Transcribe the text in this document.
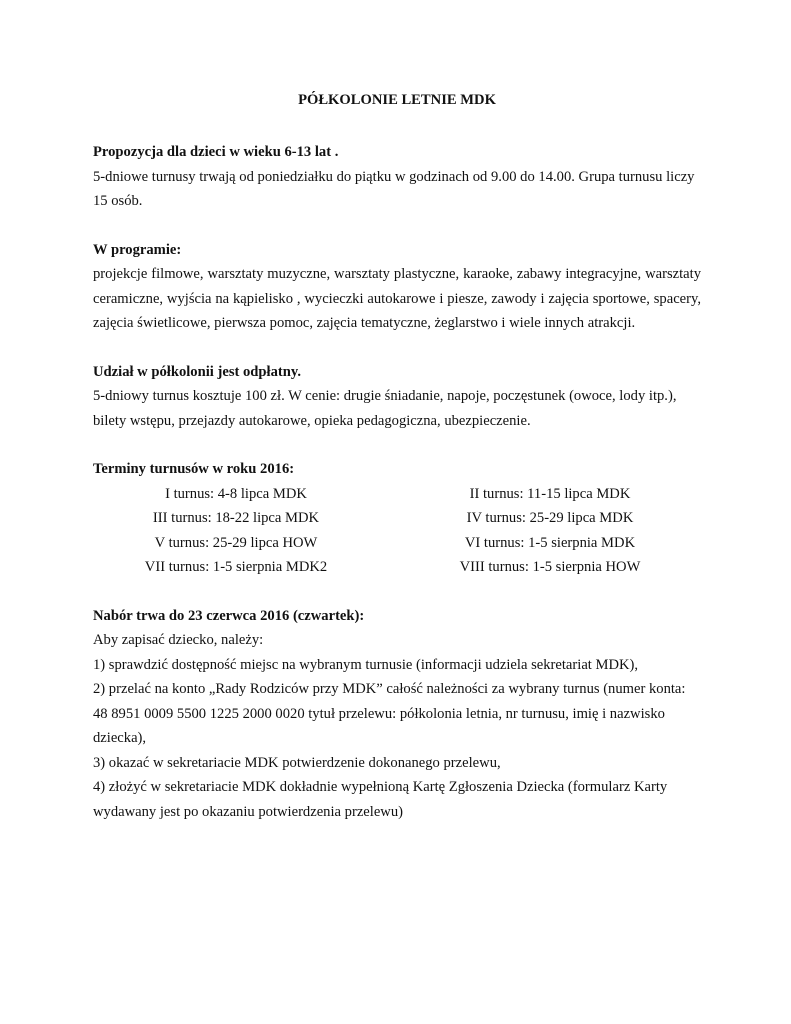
PÓŁKOLONIE LETNIE MDK

Propozycja dla dzieci w wieku 6-13 lat .

5-dniowe turnusy trwają od poniedziałku do piątku w godzinach od 9.00 do 14.00. Grupa turnusu liczy 15 osób.

W programie:

projekcje filmowe, warsztaty muzyczne, warsztaty plastyczne, karaoke, zabawy integracyjne, warsztaty ceramiczne, wyjścia na kąpielisko , wycieczki autokarowe i piesze, zawody i zajęcia sportowe, spacery, zajęcia świetlicowe, pierwsza pomoc, zajęcia tematyczne, żeglarstwo i wiele innych atrakcji.

Udział w półkolonii jest odpłatny.

5-dniowy turnus kosztuje 100 zł. W cenie: drugie śniadanie, napoje, poczęstunek (owoce, lody itp.), bilety wstępu, przejazdy autokarowe, opieka pedagogiczna, ubezpieczenie.

Terminy turnusów w roku 2016:

I turnus: 4-8 lipca MDK	II turnus: 11-15 lipca MDK
III turnus: 18-22 lipca MDK	IV turnus: 25-29 lipca MDK
V turnus: 25-29 lipca HOW	VI turnus: 1-5 sierpnia MDK
VII turnus: 1-5 sierpnia MDK2	VIII turnus: 1-5 sierpnia HOW

Nabór trwa do 23 czerwca 2016 (czwartek):

Aby zapisać dziecko, należy:

1) sprawdzić dostępność miejsc na wybranym turnusie (informacji udziela sekretariat MDK),
2) przelać na konto „Rady Rodziców przy MDK” całość należności za wybrany turnus (numer konta: 48 8951 0009 5500 1225 2000 0020 tytuł przelewu: półkolonia letnia, nr turnusu, imię i nazwisko dziecka),
3) okazać w sekretariacie MDK potwierdzenie dokonanego przelewu,
4) złożyć w sekretariacie MDK dokładnie wypełnioną Kartę Zgłoszenia Dziecka (formularz Karty wydawany jest po okazaniu potwierdzenia przelewu)
